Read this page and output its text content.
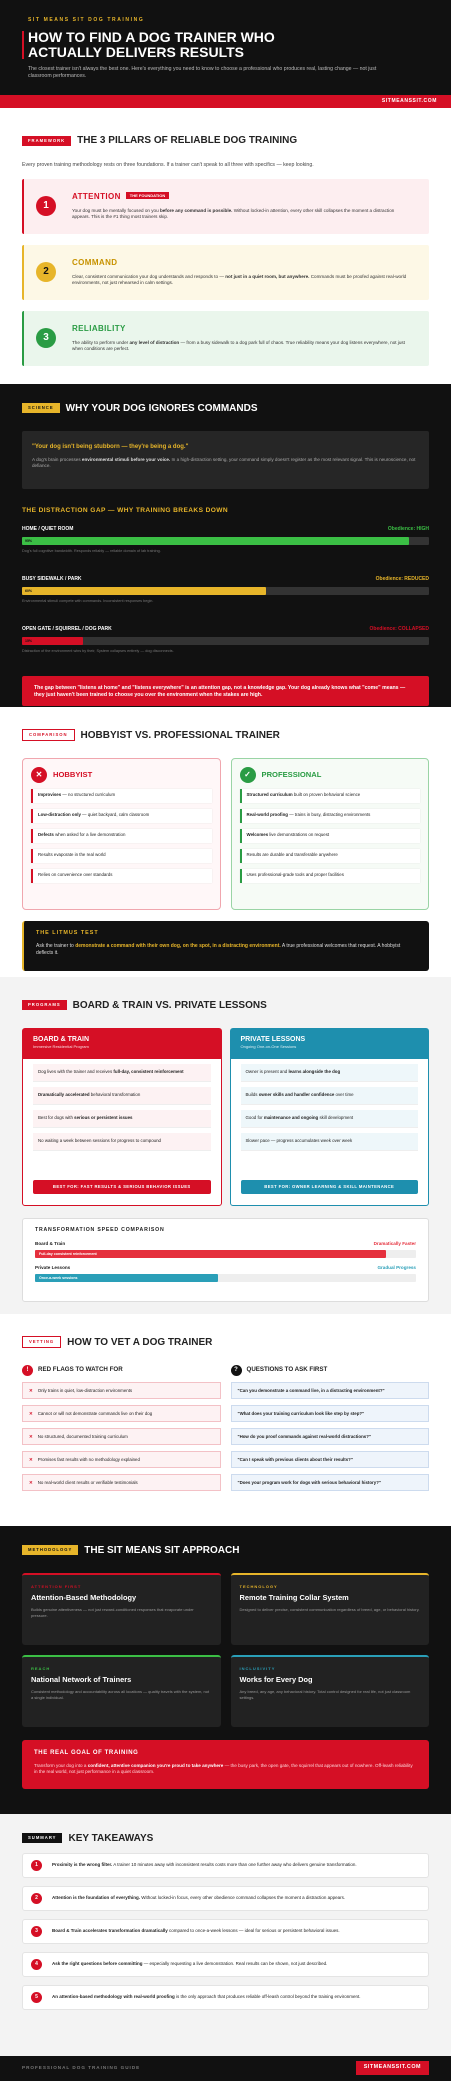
SIT MEANS SIT DOG TRAINING
HOW TO FIND A DOG TRAINER WHO ACTUALLY DELIVERS RESULTS

The closest trainer isn't always the best one. Here's everything you need to know to choose a professional who produces real, lasting change — not just classroom performances.

SITMEANSSIT.COM
FRAMEWORK THE 3 PILLARS OF RELIABLE DOG TRAINING
Every proven training methodology rests on three foundations. If a trainer can't speak to all three with specifics — keep looking.
1
ATTENTION THE FOUNDATION

Your dog must be mentally focused on you before any command is possible. Without locked-in attention, every other skill collapses the moment a distraction appears. This is the #1 thing most trainers skip.

2
COMMAND

Clear, consistent communication your dog understands and responds to — not just in a quiet room, but anywhere. Commands must be proofed against real-world environments, not just rehearsed in calm settings.

3
RELIABILITY

The ability to perform under any level of distraction — from a busy sidewalk to a dog park full of chaos. True reliability means your dog listens everywhere, not just when conditions are perfect.

SCIENCE WHY YOUR DOG IGNORES COMMANDS
"Your dog isn't being stubborn — they're being a dog."

A dog's brain processes environmental stimuli before your voice. In a high-distraction setting, your command simply doesn't register as the most relevant signal. This is neuroscience, not defiance.

THE DISTRACTION GAP — WHY TRAINING BREAKS DOWN
HOME / QUIET ROOM	Obedience: HIGH
95%
Dog's full cognitive bandwidth. Responds reliably — reliable domain of lab training.
BUSY SIDEWALK / PARK	Obedience: REDUCED
60%
Environmental stimuli compete with commands. Inconsistent responses begin.
OPEN GATE / SQUIRREL / DOG PARK	Obedience: COLLAPSED
15%
Distraction of the environment wins by their, System collapses entirely — dog disconnects.
The gap between "listens at home" and "listens everywhere" is an attention gap, not a knowledge gap. Your dog already knows what "come" means — they just haven't been trained to choose you over the environment when the stakes are high.
COMPARISON HOBBYIST VS. PROFESSIONAL TRAINER
✕	HOBBYIST
Improvises — no structured curriculum
Low-distraction only — quiet backyard, calm classroom
Defects when asked for a live demonstration
Results evaporate in the real world
Relies on convenience over standards
✓	PROFESSIONAL
Structured curriculum built on proven behavioral science
Real-world proofing — trains in busy, distracting environments
Welcomes live demonstrations on request
Results are durable and transferable anywhere
Uses professional-grade tools and proper facilities
THE LITMUS TEST

Ask the trainer to demonstrate a command with their own dog, on the spot, in a distracting environment. A true professional welcomes that request. A hobbyist deflects it.

PROGRAMS BOARD & TRAIN VS. PRIVATE LESSONS
BOARD & TRAIN
Immersive Residential Program
Dog lives with the trainer and receives full-day, consistent reinforcement
Dramatically accelerated behavioral transformation
Best for dogs with serious or persistent issues
No waiting a week between sessions for progress to compound
BEST FOR: FAST RESULTS & SERIOUS BEHAVIOR ISSUES
PRIVATE LESSONS
Ongoing One-on-One Sessions
Owner is present and learns alongside the dog
Builds owner skills and handler confidence over time
Good for maintenance and ongoing skill development
Slower pace — progress accumulates week over week
BEST FOR: OWNER LEARNING & SKILL MAINTENANCE
TRANSFORMATION SPEED COMPARISON
Board & Train	Dramatically Faster
Full-day consistent reinforcement
Private Lessons	Gradual Progress
Once-a-week sessions
VETTING HOW TO VET A DOG TRAINER
!	RED FLAGS TO WATCH FOR
✕ Only trains in quiet, low-distraction environments
✕ Cannot or will not demonstrate commands live on their dog
✕ No structured, documented training curriculum
✕ Promises fast results with no methodology explained
✕ No real-world client results or verifiable testimonials
?	QUESTIONS TO ASK FIRST
"Can you demonstrate a command live, in a distracting environment?"
"What does your training curriculum look like step by step?"
"How do you proof commands against real-world distractions?"
"Can I speak with previous clients about their results?"
"Does your program work for dogs with serious behavioral history?"
METHODOLOGY THE SIT MEANS SIT APPROACH
ATTENTION FIRST
Attention-Based Methodology

Builds genuine attentiveness — not just reward-conditioned responses that evaporate under pressure.

TECHNOLOGY
Remote Training Collar System

Designed to deliver precise, consistent communication regardless of breed, age, or behavioral history.

REACH
National Network of Trainers

Consistent methodology and accountability across all locations — quality travels with the system, not a single individual.

INCLUSIVITY
Works for Every Dog

Any breed, any age, any behavioral history. Total control designed for real life, not just classroom settings.

THE REAL GOAL OF TRAINING

Transform your dog into a confident, attentive companion you're proud to take anywhere — the busy park, the open gate, the squirrel that appears out of nowhere. Off-leash reliability in the real world, not just performance in a quiet classroom.

SUMMARY KEY TAKEAWAYS
1	Proximity is the wrong filter. A trainer 10 minutes away with inconsistent results costs more than one further away who delivers genuine transformation.

2	Attention is the foundation of everything. Without locked-in focus, every other obedience command collapses the moment a distraction appears.

3	Board & Train accelerates transformation dramatically compared to once-a-week lessons — ideal for serious or persistent behavioral issues.

4	Ask the right questions before committing — especially requesting a live demonstration. Real results can be shown, not just described.

5	An attention-based methodology with real-world proofing is the only approach that produces reliable off-leash control beyond the training environment.

PROFESSIONAL DOG TRAINING GUIDE	SITMEANSSIT.COM
